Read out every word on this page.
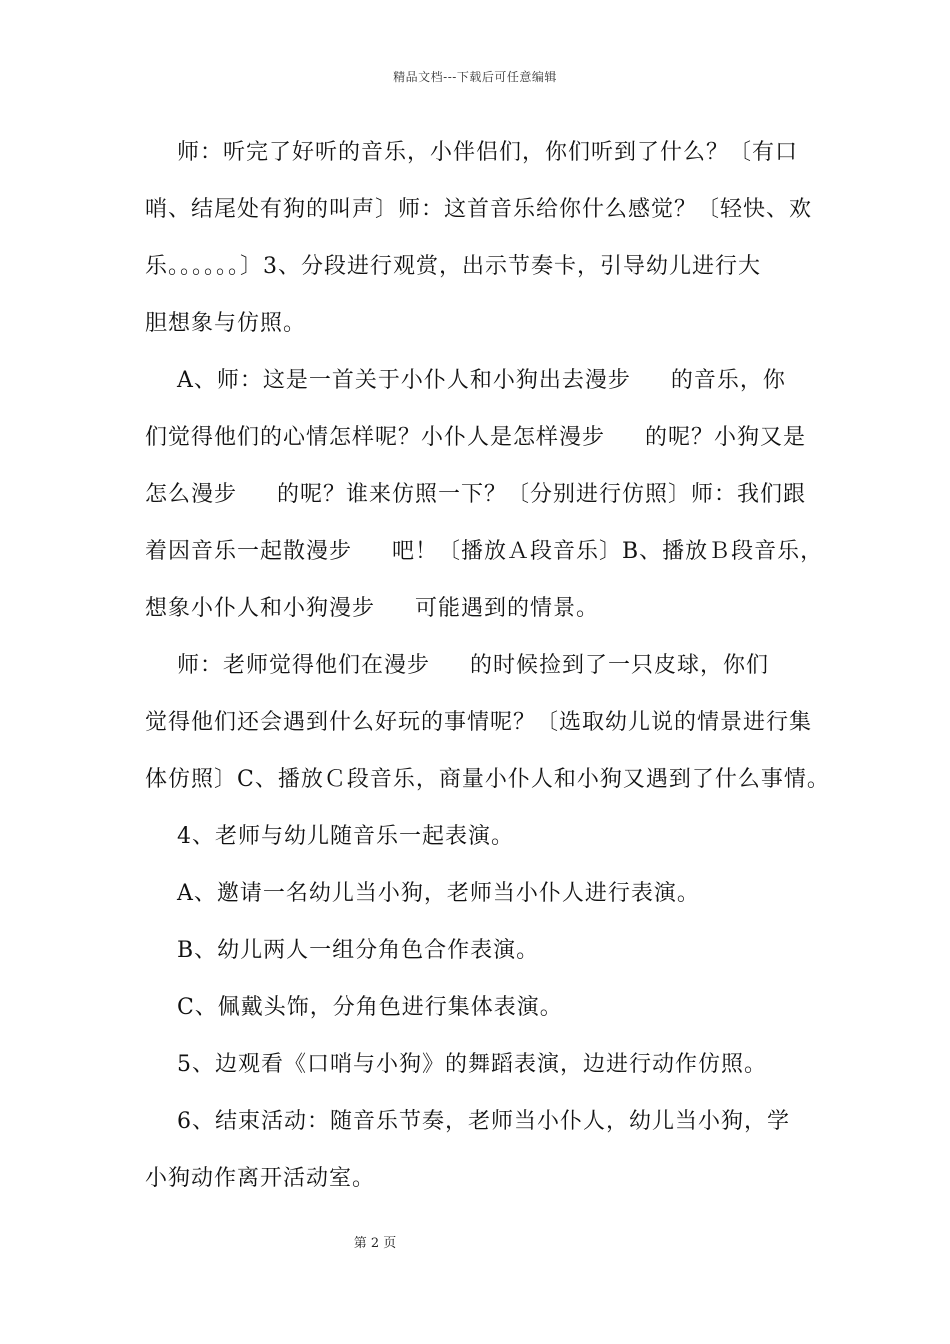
精品文档---下载后可任意编辑
师：听完了好听的音乐，小伴侣们，你们听到了什么？〔有口
哨、结尾处有狗的叫声〕师：这首音乐给你什么感觉？〔轻快、欢
乐。。。。。。〕3、分段进行观赏，出示节奏卡，引导幼儿进行大
胆想象与仿照。
A、师：这是一首关于小仆人和小狗出去漫步     的音乐，你
们觉得他们的心情怎样呢？小仆人是怎样漫步     的呢？小狗又是
怎么漫步     的呢？谁来仿照一下？〔分别进行仿照〕师：我们跟
着因音乐一起散漫步     吧！〔播放Ａ段音乐〕B、播放Ｂ段音乐，
想象小仆人和小狗漫步     可能遇到的情景。
师：老师觉得他们在漫步     的时候捡到了一只皮球，你们
觉得他们还会遇到什么好玩的事情呢？〔选取幼儿说的情景进行集
体仿照〕C、播放Ｃ段音乐，商量小仆人和小狗又遇到了什么事情。
4、老师与幼儿随音乐一起表演。
A、邀请一名幼儿当小狗，老师当小仆人进行表演。
B、幼儿两人一组分角色合作表演。
C、佩戴头饰，分角色进行集体表演。
5、边观看《口哨与小狗》的舞蹈表演，边进行动作仿照。
6、结束活动：随音乐节奏，老师当小仆人，幼儿当小狗，学
小狗动作离开活动室。
第 2 页
